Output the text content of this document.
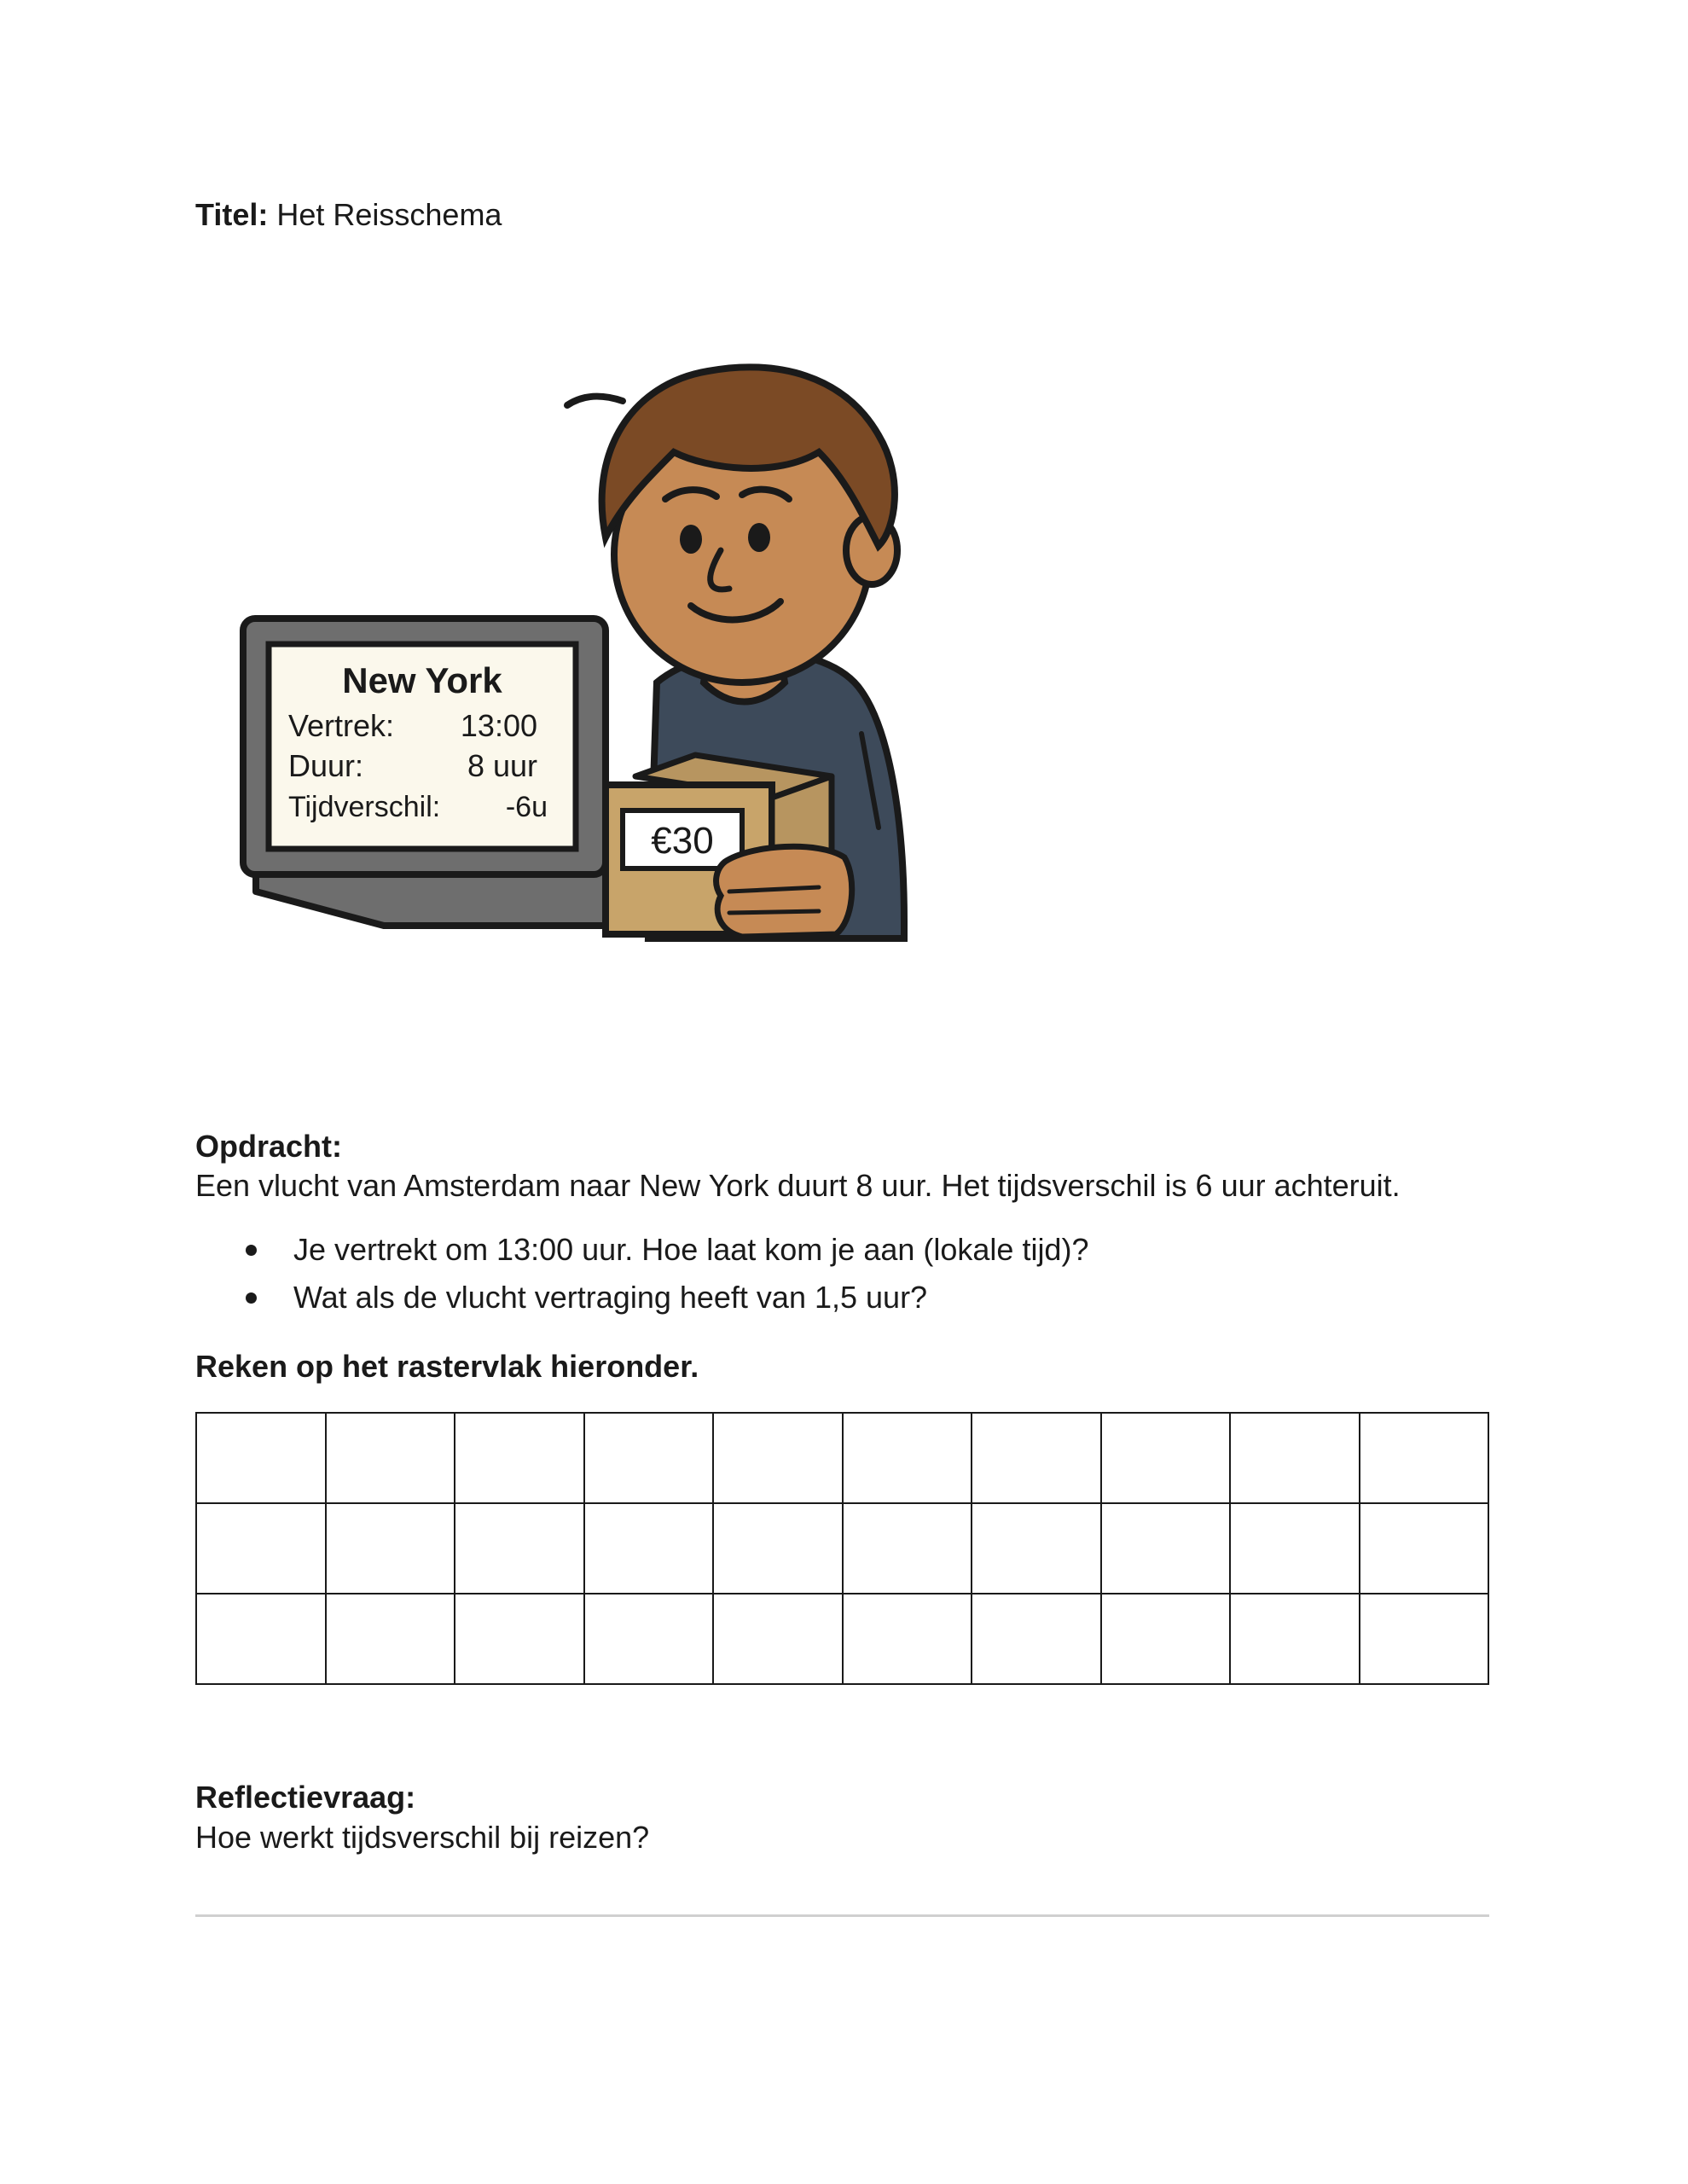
Titel: Het Reisschema
New York
Vertrek: 13:00
Duur:	8 uur
Tijdverschil: -6u
€30
Opdracht:
Een vlucht van Amsterdam naar New York duurt 8 uur. Het tijdsverschil is 6 uur achteruit.
Je vertrekt om 13:00 uur. Hoe laat kom je aan (lokale tijd)?
Wat als de vlucht vertraging heeft van 1,5 uur?
Reken op het rastervlak hieronder.

Reflectievraag:
Hoe werkt tijdsverschil bij reizen?
